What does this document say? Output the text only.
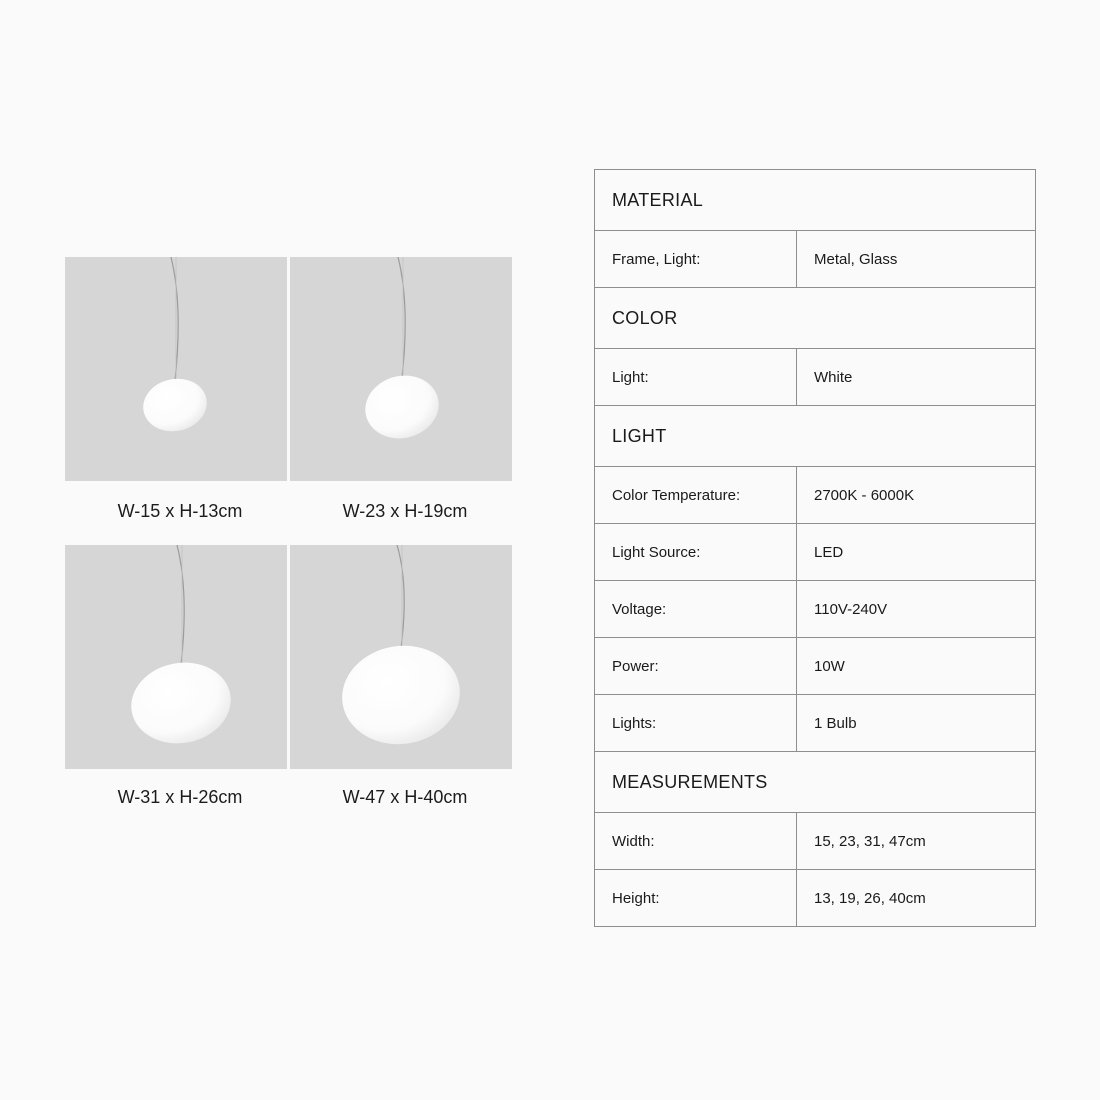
W-15 x H-13cm	W-23 x H-19cm
W-31 x H-26cm	W-47 x H-40cm
MATERIAL	
Frame, Light:	Metal, Glass
COLOR	
Light:	White
LIGHT	
Color Temperature:	2700K - 6000K
Light Source:	LED
Voltage:	110V-240V
Power:	10W
Lights:	1 Bulb
MEASUREMENTS	
Width:	15, 23, 31, 47cm
Height:	13, 19, 26, 40cm
